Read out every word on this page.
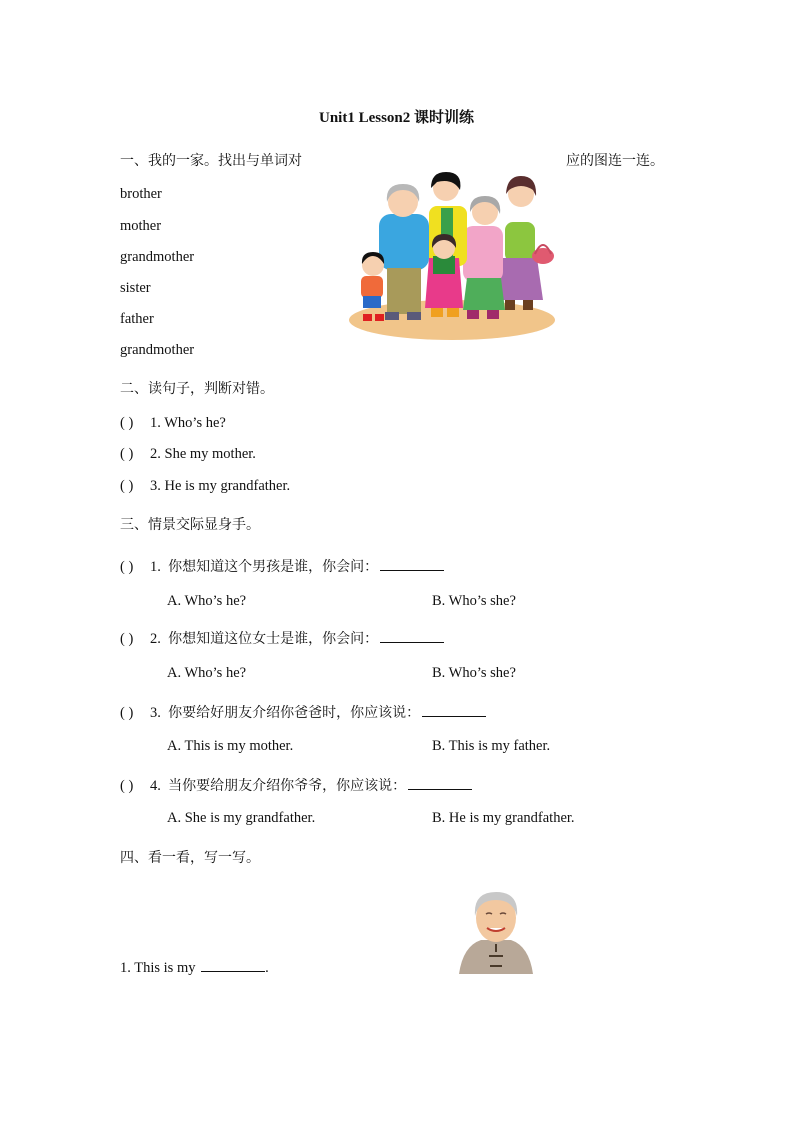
Unit1 Lesson2 课时训练
一、我的一家。找出与单词对	应的图连一连。
brother
mother
grandmother
sister
father
grandmother
二、读句子，判断对错。
( ) 1. Who’s he?
( ) 2. She my mother.
( ) 3. He is my grandfather.
三、情景交际显身手。
( ) 1. 你想知道这个男孩是谁，你会问：
A. Who’s he?	B. Who’s she?
( ) 2. 你想知道这位女士是谁，你会问：
A. Who’s he?	B. Who’s she?
( ) 3. 你要给好朋友介绍你爸爸时，你应该说：
A. This is my mother.	B. This is my father.
( ) 4. 当你要给朋友介绍你爷爷，你应该说：
A. She is my grandfather.	B. He is my grandfather.
四、看一看，写一写。
1. This is my	.
